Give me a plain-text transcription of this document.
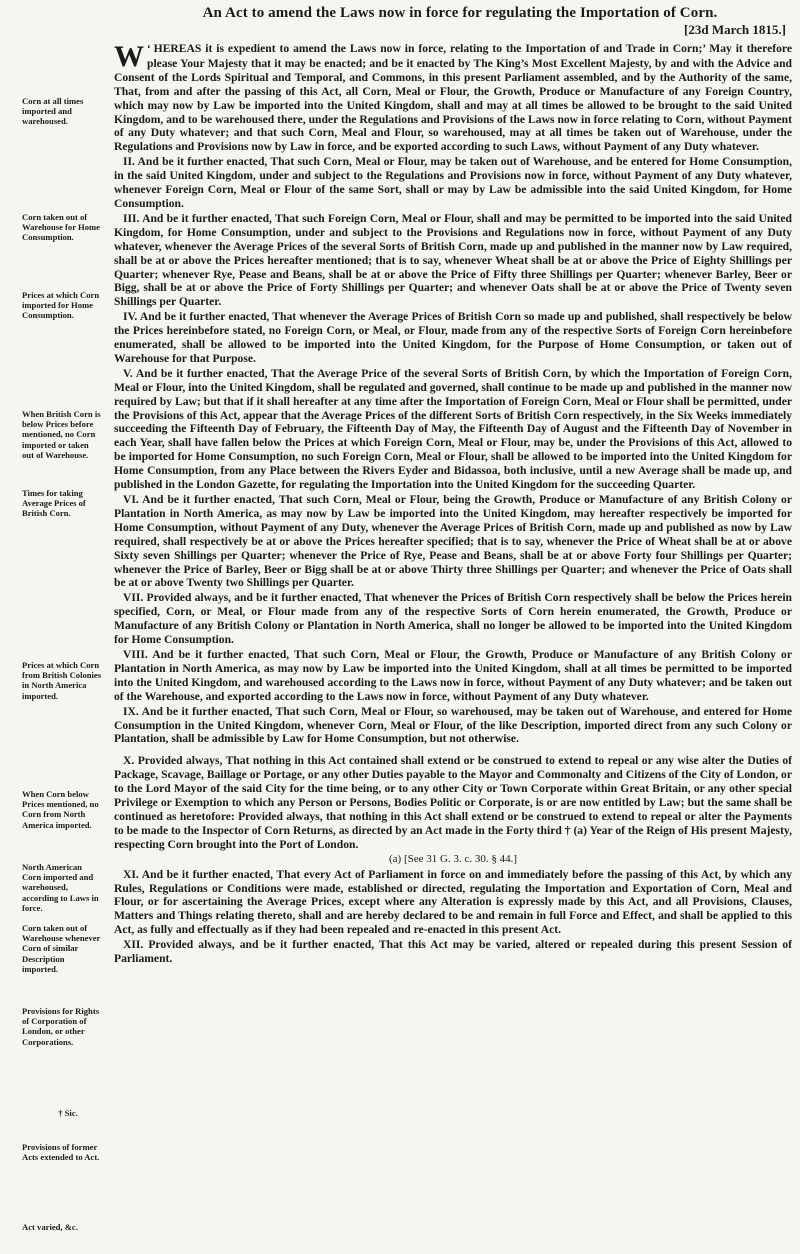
An Act to amend the Laws now in force for regulating the Importation of Corn.
[23d March 1815.]

‘
W HEREAS it is expedient to amend the Laws now in force, relating to the Importation of and Trade in Corn;’ May it therefore please Your Majesty that it may be enacted; and be it enacted by The King’s Most Excellent Majesty, by and with the Advice and Consent of the Lords Spiritual and Temporal, and Commons, in this present Parliament assembled, and by the Authority of the same, That, from and after the passing of this Act, all Corn, Meal or Flour, the Growth, Produce or Manufacture of any Foreign Country, which may now by Law be imported into the United Kingdom, shall and may at all times be allowed to be brought to the said United Kingdom, and to be warehoused there, under the Regulations and Provisions of the Laws now in force relating to Corn, without Payment of any Duty whatever; and that such Corn, Meal and Flour, so warehoused, may at all times be taken out of Warehouse, under the Regulations and Provisions now by Law in force, and be exported according to such Laws, without Payment of any Duty whatever.

II. And be it further enacted, That such Corn, Meal or Flour, may be taken out of Warehouse, and be entered for Home Consumption, in the said United Kingdom, under and subject to the Regulations and Provisions now in force, without Payment of any Duty whatever, whenever Foreign Corn, Meal or Flour of the same Sort, shall or may by Law be admissible into the said United Kingdom, for Home Consumption.

III. And be it further enacted, That such Foreign Corn, Meal or Flour, shall and may be permitted to be imported into the said United Kingdom, for Home Consumption, under and subject to the Provisions and Regulations now in force, without Payment of any Duty whatever, whenever the Average Prices of the several Sorts of British Corn, made up and published in the manner now by Law required, shall be at or above the Prices hereafter mentioned; that is to say, whenever Wheat shall be at or above the Price of Eighty Shillings per Quarter; whenever Rye, Pease and Beans, shall be at or above the Price of Fifty three Shillings per Quarter; whenever Barley, Beer or Bigg, shall be at or above the Price of Forty Shillings per Quarter; and whenever Oats shall be at or above the Price of Twenty seven Shillings per Quarter.

IV. And be it further enacted, That whenever the Average Prices of British Corn so made up and published, shall respectively be below the Prices hereinbefore stated, no Foreign Corn, or Meal, or Flour, made from any of the respective Sorts of Foreign Corn hereinbefore enumerated, shall be allowed to be imported into the United Kingdom, for the Purpose of Home Consumption, or taken out of Warehouse for that Purpose.

V. And be it further enacted, That the Average Price of the several Sorts of British Corn, by which the Importation of Foreign Corn, Meal or Flour, into the United Kingdom, shall be regulated and governed, shall continue to be made up and published in the manner now required by Law; but that if it shall hereafter at any time after the Importation of Foreign Corn, Meal or Flour shall be permitted, under the Provisions of this Act, appear that the Average Prices of the different Sorts of British Corn respectively, in the Six Weeks immediately succeeding the Fifteenth Day of February, the Fifteenth Day of May, the Fifteenth Day of August and the Fifteenth Day of November in each Year, shall have fallen below the Prices at which Foreign Corn, Meal or Flour, may be, under the Provisions of this Act, allowed to be imported for Home Consumption, no such Foreign Corn, Meal or Flour, shall be allowed to be imported into the United Kingdom for Home Consumption, from any Place between the Rivers Eyder and Bidassoa, both inclusive, until a new Average shall be made up, and published in the London Gazette, for regulating the Importation into the United Kingdom for the succeeding Quarter.

VI. And be it further enacted, That such Corn, Meal or Flour, being the Growth, Produce or Manufacture of any British Colony or Plantation in North America, as may now by Law be imported into the United Kingdom, may hereafter respectively be imported for Home Consumption, without Payment of any Duty, whenever the Average Prices of British Corn, made up and published as now by Law required, shall respectively be at or above the Prices hereafter specified; that is to say, whenever the Price of Wheat shall be at or above Sixty seven Shillings per Quarter; whenever the Price of Rye, Pease and Beans, shall be at or above Forty four Shillings per Quarter; whenever the Price of Barley, Beer or Bigg shall be at or above Thirty three Shillings per Quarter; and whenever the Price of Oats shall be at or above Twenty two Shillings per Quarter.

VII. Provided always, and be it further enacted, That whenever the Prices of British Corn respectively shall be below the Prices herein specified, Corn, or Meal, or Flour made from any of the respective Sorts of Corn herein enumerated, the Growth, Produce or Manufacture of any British Colony or Plantation in North America, shall no longer be allowed to be imported into the United Kingdom for Home Consumption.

VIII. And be it further enacted, That such Corn, Meal or Flour, the Growth, Produce or Manufacture of any British Colony or Plantation in North America, as may now by Law be imported into the United Kingdom, shall at all times be permitted to be imported into the United Kingdom, and warehoused according to the Laws now in force, without Payment of any Duty whatever; and be taken out of the Warehouse, and exported according to the Laws now in force, without Payment of any Duty whatever.

IX. And be it further enacted, That such Corn, Meal or Flour, so warehoused, may be taken out of Warehouse, and entered for Home Consumption in the United Kingdom, whenever Corn, Meal or Flour, of the like Description, imported direct from any such Colony or Plantation, shall be admissible by Law for Home Consumption, but not otherwise.

X. Provided always, That nothing in this Act contained shall extend or be construed to extend to repeal or any wise alter the Duties of Package, Scavage, Baillage or Portage, or any other Duties payable to the Mayor and Commonalty and Citizens of the City of London, or to the Lord Mayor of the said City for the time being, or to any other City or Town Corporate within Great Britain, or any other special Privilege or Exemption to which any Person or Persons, Bodies Politic or Corporate, is or are now entitled by Law; but the same shall be continued as heretofore: Provided always, that nothing in this Act shall extend or be construed to extend to repeal or alter the Payments to be made to the Inspector of Corn Returns, as directed by an Act made in the Forty third † (a) Year of the Reign of His present Majesty, respecting Corn brought into the Port of London.

(a) [See 31 G. 3. c. 30. § 44.]

XI. And be it further enacted, That every Act of Parliament in force on and immediately before the passing of this Act, by which any Rules, Regulations or Conditions were made, established or directed, regulating the Importation and Exportation of Corn, Meal and Flour, or for ascertaining the Average Prices, except where any Alteration is expressly made by this Act, and all Provisions, Clauses, Matters and Things relating thereto, shall and are hereby declared to be and remain in full Force and Effect, and shall be applied to this Act, as fully and effectually as if they had been repealed and re-enacted in this present Act.

XII. Provided always, and be it further enacted, That this Act may be varied, altered or repealed during this present Session of Parliament.

Corn at all times imported and warehoused.
Corn taken out of Warehouse for Home Consumption.
Prices at which Corn imported for Home Consumption.
When British Corn is below Prices before mentioned, no Corn imported or taken out of Warehouse.
Times for taking Average Prices of British Corn.
Prices at which Corn from British Colonies in North America imported.
When Corn below Prices mentioned, no Corn from North America imported.
North American Corn imported and warehoused, according to Laws in force.
Corn taken out of Warehouse whenever Corn of similar Description imported.
Provisions for Rights of Corporation of London, or other Corporations.
† Sic.
Provisions of former Acts extended to Act.
Act varied, &c.
